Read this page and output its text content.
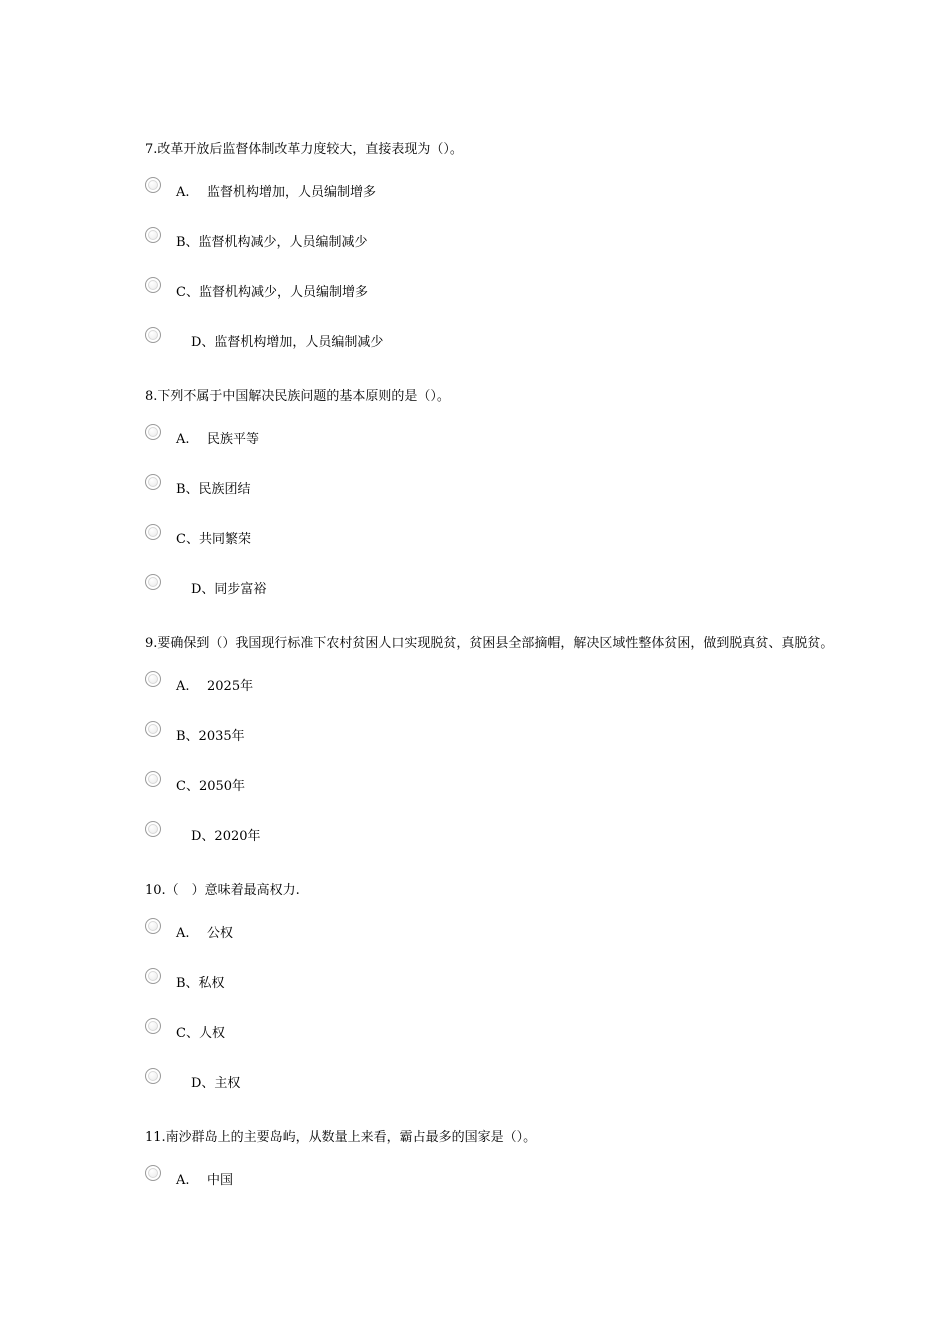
7.改革开放后监督体制改革力度较大，直接表现为（）。
A. 监督机构增加，人员编制增多
B、监督机构减少，人员编制减少
C、监督机构减少，人员编制增多
D、监督机构增加，人员编制减少
8.下列不属于中国解决民族问题的基本原则的是（）。
A. 民族平等
B、民族团结
C、共同繁荣
D、同步富裕
9.要确保到（）我国现行标准下农村贫困人口实现脱贫，贫困县全部摘帽，解决区域性整体贫困，做到脱真贫、真脱贫。
A. 2025年
B、2035年
C、2050年
D、2020年
10.（　）意味着最高权力.
A. 公权
B、私权
C、人权
D、主权
11.南沙群岛上的主要岛屿，从数量上来看，霸占最多的国家是（）。
A. 中国
